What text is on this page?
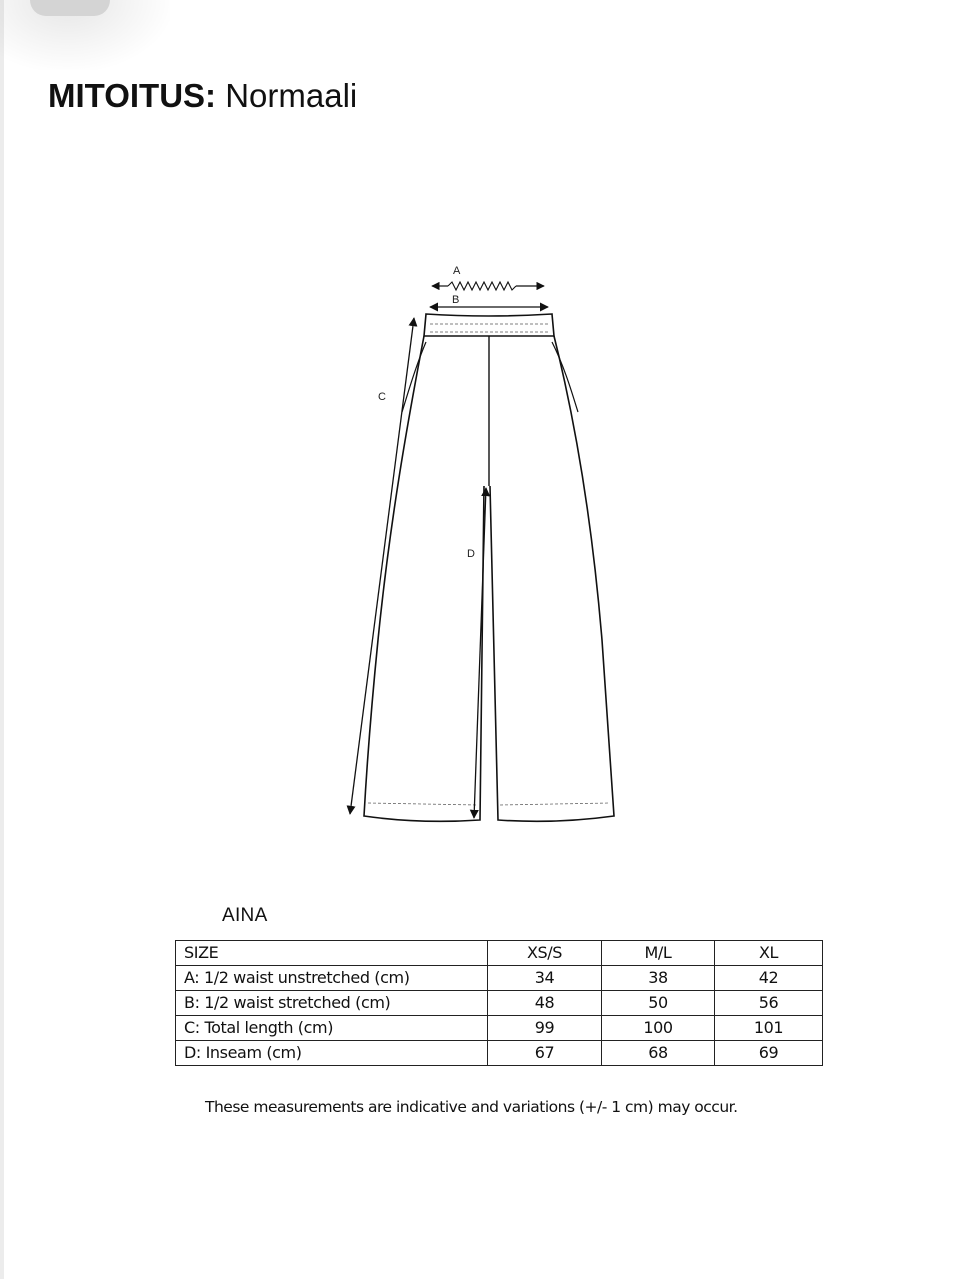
MITOITUS: Normaali
A
B
C
D
AINA
SIZE	XS/S	M/L	XL
A: 1/2 waist unstretched (cm)	34	38	42
B: 1/2 waist stretched (cm)	48	50	56
C: Total length (cm)	99	100	101
D: Inseam (cm)	67	68	69
These measurements are indicative and variations (+/- 1 cm) may occur.
